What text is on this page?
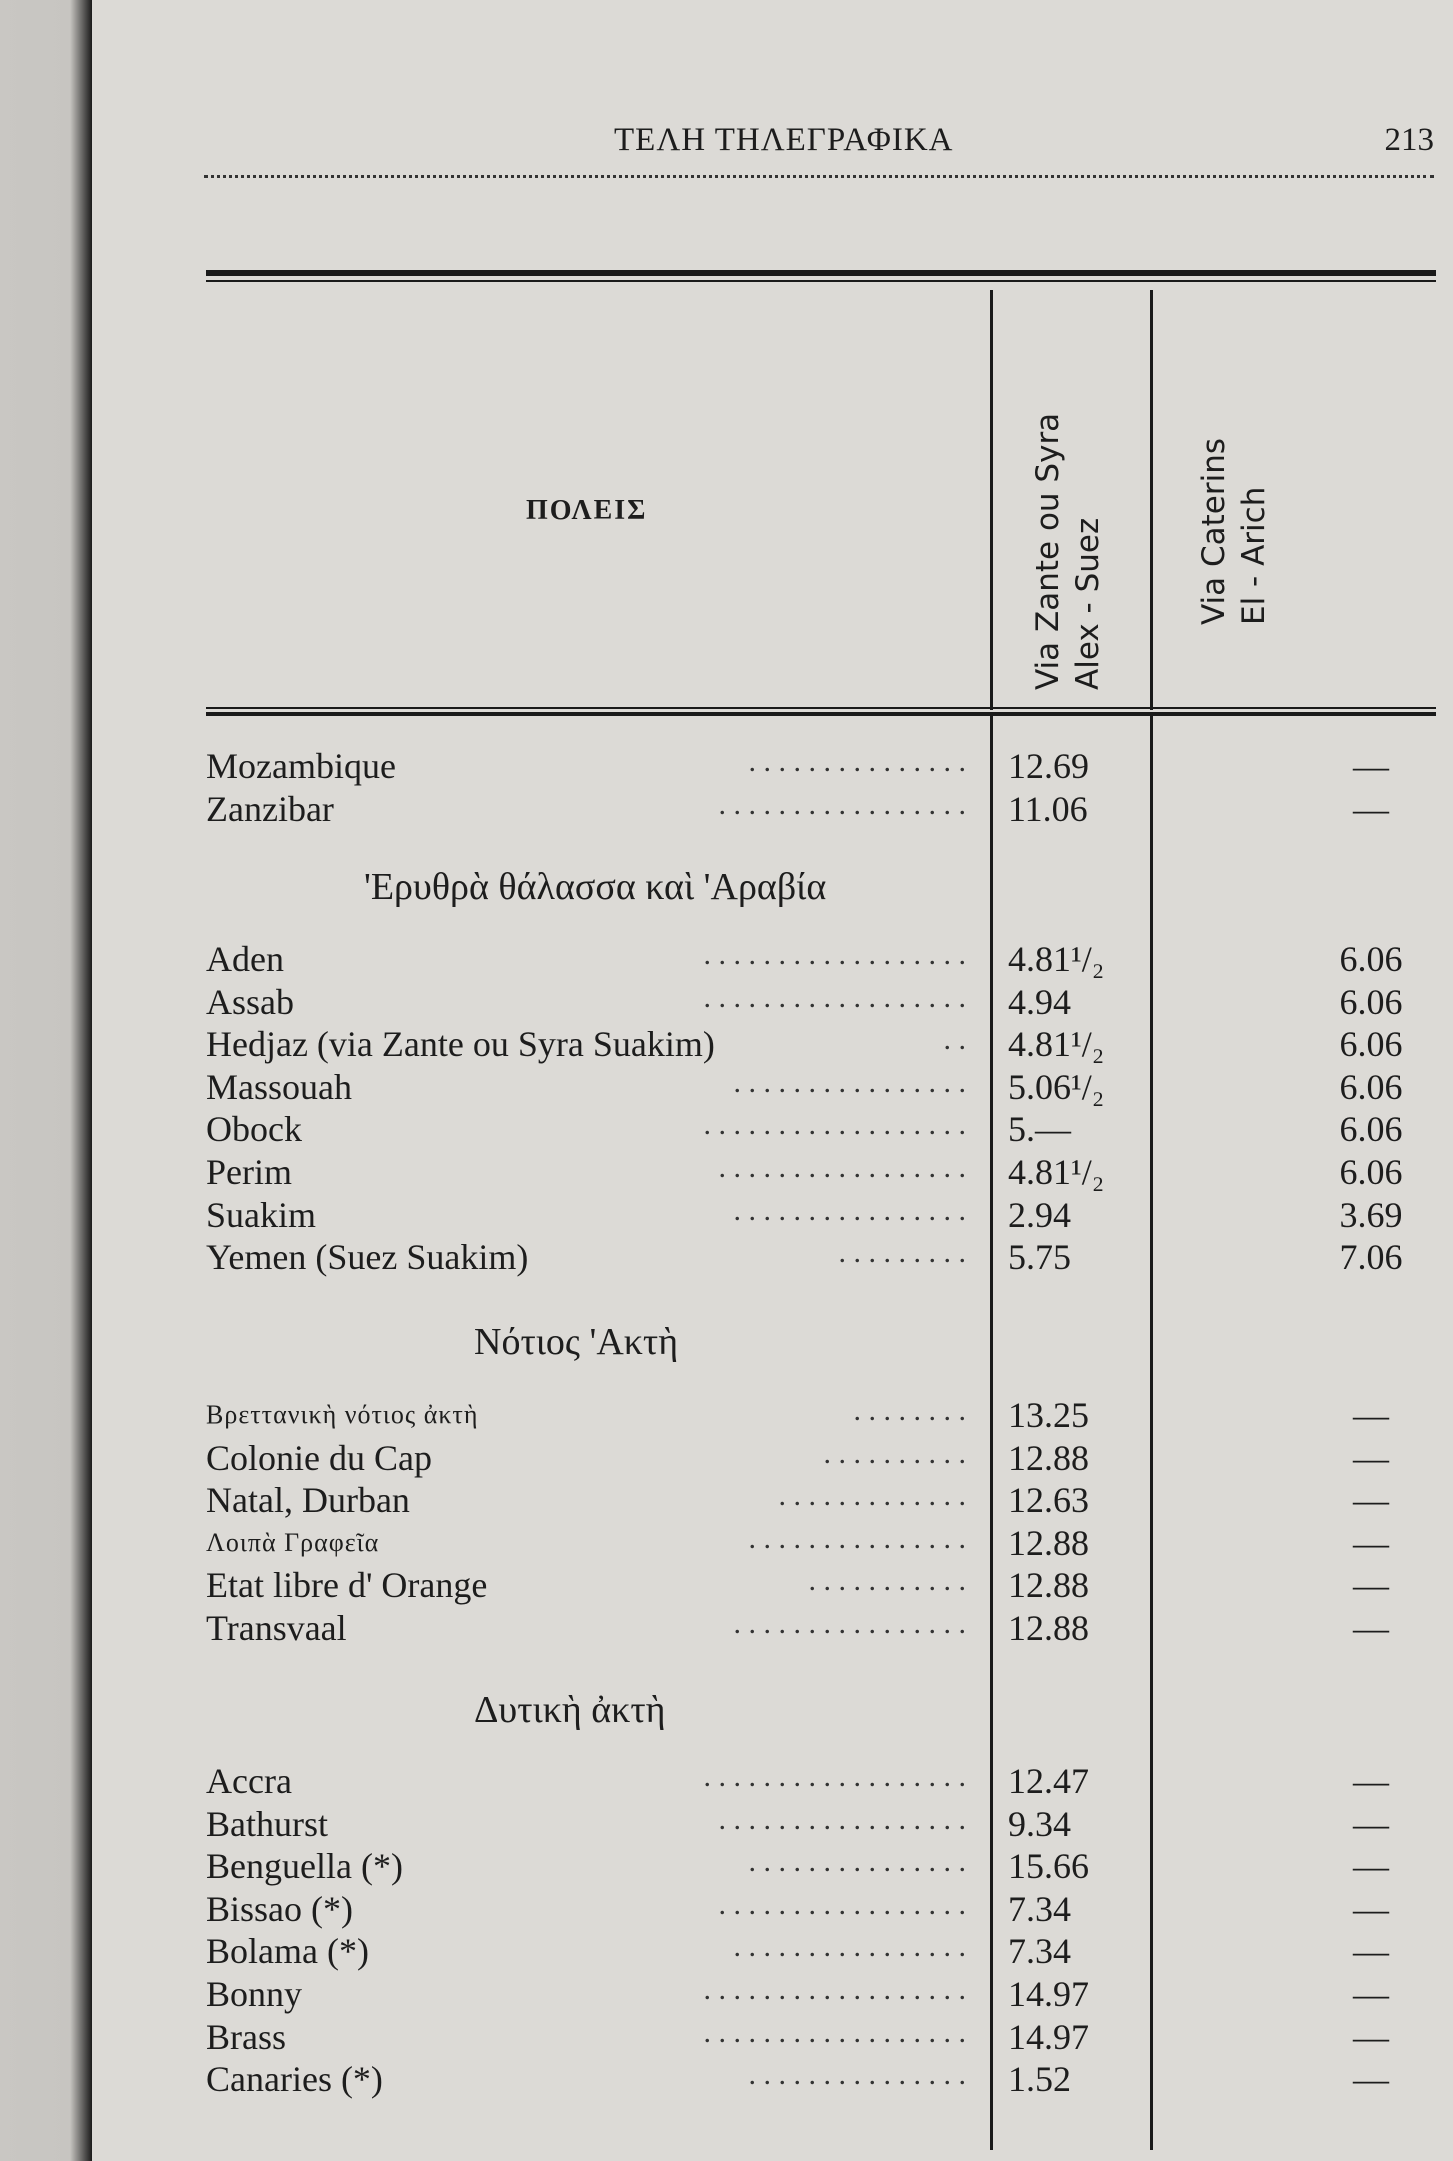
ΤΕΛΗ ΤΗΛΕΓΡΑΦΙΚΑ	213
ΠΟΛΕΙΣ	Via Zante ou Syra Alex - Suez	Via Caterins El - Arich
Mozambique	. . . . . . . . . . . . . . . 12.69	—
Zanzibar	. . . . . . . . . . . . . . . . . 11.06	—
Aden	. . . . . . . . . . . . . . . . . . 4.81¹/₂	6.06
Assab	. . . . . . . . . . . . . . . . . . 4.94	6.06
Hedjaz (via Zante ou Syra Suakim)	. . 4.81¹/₂	6.06
Massouah	. . . . . . . . . . . . . . . . 5.06¹/₂	6.06
Obock	. . . . . . . . . . . . . . . . . . 5.—	6.06
Perim	. . . . . . . . . . . . . . . . . 4.81¹/₂	6.06
Suakim	. . . . . . . . . . . . . . . . 2.94	3.69
Yemen (Suez Suakim)	. . . . . . . . . 5.75	7.06
Βρεττανικὴ νότιος ἀκτὴ	. . . . . . . . 13.25	—
Colonie du Cap	. . . . . . . . . . 12.88	—
Natal, Durban	. . . . . . . . . . . . . 12.63	—
Λοιπὰ Γραφεῖα	. . . . . . . . . . . . . . . 12.88	—
Etat libre d' Orange	. . . . . . . . . . . 12.88	—
Transvaal	. . . . . . . . . . . . . . . . 12.88	—
Accra	. . . . . . . . . . . . . . . . . . 12.47	—
Bathurst	. . . . . . . . . . . . . . . . . 9.34	—
Benguella (*)	. . . . . . . . . . . . . . . 15.66	—
Bissao (*)	. . . . . . . . . . . . . . . . . 7.34	—
Bolama (*)	. . . . . . . . . . . . . . . . 7.34	—
Bonny	. . . . . . . . . . . . . . . . . . 14.97	—
Brass	. . . . . . . . . . . . . . . . . . 14.97	—
Canaries (*)	. . . . . . . . . . . . . . . 1.52	—
'Ερυθρὰ θάλασσα καὶ 'Αραβία
Νότιος 'Ακτὴ
Δυτικὴ ἀκτὴ
